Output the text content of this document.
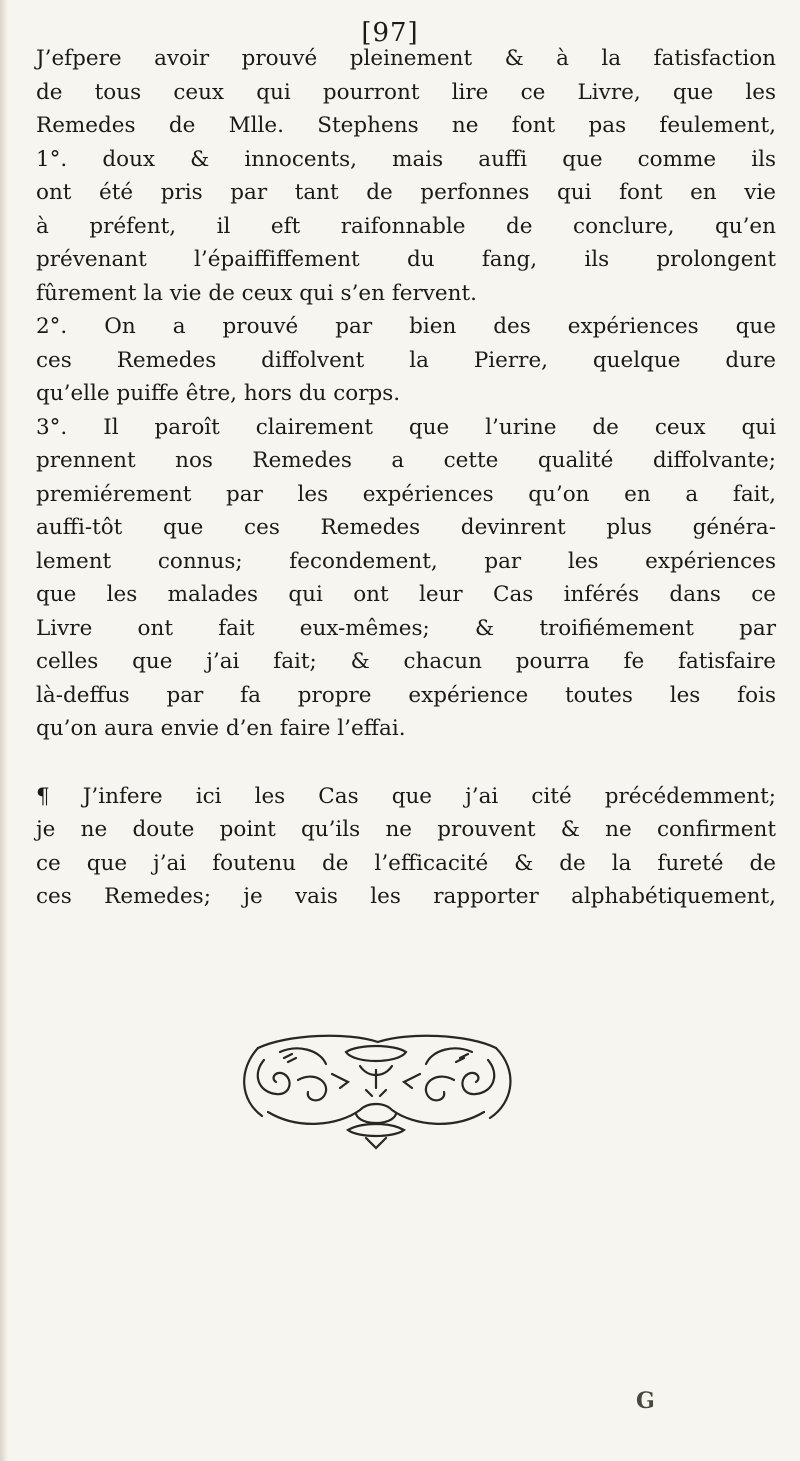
[97]
J’efpere avoir prouvé pleinement & à la fatisfaction
de tous ceux qui pourront lire ce Livre, que les
Remedes de Mlle. Stephens ne font pas feulement,
1°. doux & innocents, mais auffi que comme ils
ont été pris par tant de perfonnes qui font en vie
à préfent, il eft raifonnable de conclure, qu’en
prévenant l’épaiffiffement du fang, ils prolongent
fûrement la vie de ceux qui s’en fervent.
2°. On a prouvé par bien des expériences que
ces Remedes diffolvent la Pierre, quelque dure
qu’elle puiffe être, hors du corps.
3°. Il paroît clairement que l’urine de ceux qui
prennent nos Remedes a cette qualité diffolvante;
premiérement par les expériences qu’on en a fait,
auffi-tôt que ces Remedes devinrent plus généra-
lement connus; fecondement, par les expériences
que les malades qui ont leur Cas inférés dans ce
Livre ont fait eux-mêmes; & troifiémement par
celles que j’ai fait; & chacun pourra fe fatisfaire
là-deffus par fa propre expérience toutes les fois
qu’on aura envie d’en faire l’effai.
¶ J’infere ici les Cas que j’ai cité précédemment;
je ne doute point qu’ils ne prouvent & ne confirment
ce que j’ai foutenu de l’efficacité & de la fureté de
ces Remedes; je vais les rapporter alphabétiquement,
G
